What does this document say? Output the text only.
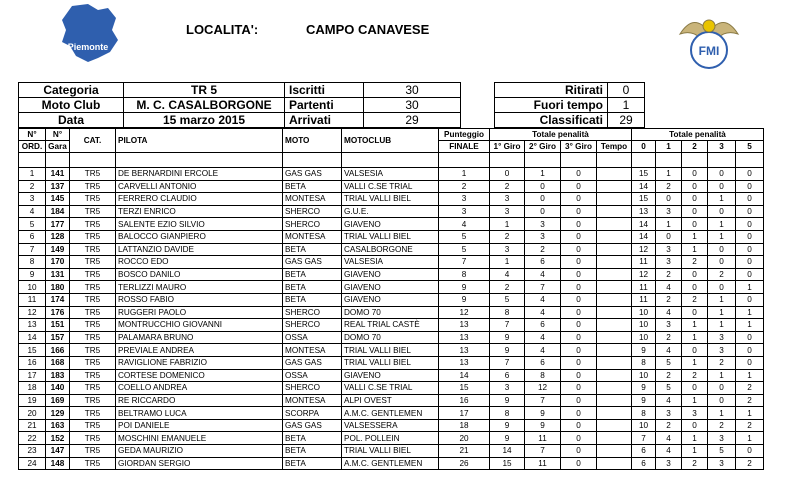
Piemonte
LOCALITA':	CAMPO CANAVESE
FMI
Categoria	TR 5	Iscritti	30
Moto Club	M. C. CASALBORGONE	Partenti	30
Data	15 marzo 2015	Arrivati	29
Ritirati	0
Fuori tempo	1
Classificati	29
N°	N°	CAT.	PILOTA	MOTO	MOTOCLUB	Punteggio	Totale penalità				Totale penalità				
ORD.	Gara					FINALE	1° Giro	2° Giro	3° Giro	Tempo	0	1	2	3	5

1	141	TR5	DE BERNARDINI ERCOLE	GAS GAS	VALSESIA	1	0	1	0		15	1	0	0	0
2	137	TR5	CARVELLI ANTONIO	BETA	VALLI C.SE TRIAL	2	2	0	0		14	2	0	0	0
3	145	TR5	FERRERO CLAUDIO	MONTESA	TRIAL VALLI BIEL	3	3	0	0		15	0	0	1	0
4	184	TR5	TERZI ENRICO	SHERCO	G.U.E.	3	3	0	0		13	3	0	0	0
5	177	TR5	SALENTE EZIO SILVIO	SHERCO	GIAVENO	4	1	3	0		14	1	0	1	0
6	128	TR5	BALOCCO GIANPIERO	MONTESA	TRIAL VALLI BIEL	5	2	3	0		14	0	1	1	0
7	149	TR5	LATTANZIO DAVIDE	BETA	CASALBORGONE	5	3	2	0		12	3	1	0	0
8	170	TR5	ROCCO EDO	GAS GAS	VALSESIA	7	1	6	0		11	3	2	0	0
9	131	TR5	BOSCO DANILO	BETA	GIAVENO	8	4	4	0		12	2	0	2	0
10	180	TR5	TERLIZZI MAURO	BETA	GIAVENO	9	2	7	0		11	4	0	0	1
11	174	TR5	ROSSO FABIO	BETA	GIAVENO	9	5	4	0		11	2	2	1	0
12	176	TR5	RUGGERI PAOLO	SHERCO	DOMO 70	12	8	4	0		10	4	0	1	1
13	151	TR5	MONTRUCCHIO GIOVANNI	SHERCO	REAL TRIAL CASTÈ	13	7	6	0		10	3	1	1	1
14	157	TR5	PALAMARA BRUNO	OSSA	DOMO 70	13	9	4	0		10	2	1	3	0
15	166	TR5	PREVIALE ANDREA	MONTESA	TRIAL VALLI BIEL	13	9	4	0		9	4	0	3	0
16	168	TR5	RAVIGLIONE FABRIZIO	GAS GAS	TRIAL VALLI BIEL	13	7	6	0		8	5	1	2	0
17	183	TR5	CORTESE DOMENICO	OSSA	GIAVENO	14	6	8	0		10	2	2	1	1
18	140	TR5	COELLO ANDREA	SHERCO	VALLI C.SE TRIAL	15	3	12	0		9	5	0	0	2
19	169	TR5	RE RICCARDO	MONTESA	ALPI OVEST	16	9	7	0		9	4	1	0	2
20	129	TR5	BELTRAMO LUCA	SCORPA	A.M.C. GENTLEMEN	17	8	9	0		8	3	3	1	1
21	163	TR5	POI DANIELE	GAS GAS	VALSESSERA	18	9	9	0		10	2	0	2	2
22	152	TR5	MOSCHINI EMANUELE	BETA	POL. POLLEIN	20	9	11	0		7	4	1	3	1
23	147	TR5	GEDA MAURIZIO	BETA	TRIAL VALLI BIEL	21	14	7	0		6	4	1	5	0
24	148	TR5	GIORDAN SERGIO	BETA	A.M.C. GENTLEMEN	26	15	11	0		6	3	2	3	2
